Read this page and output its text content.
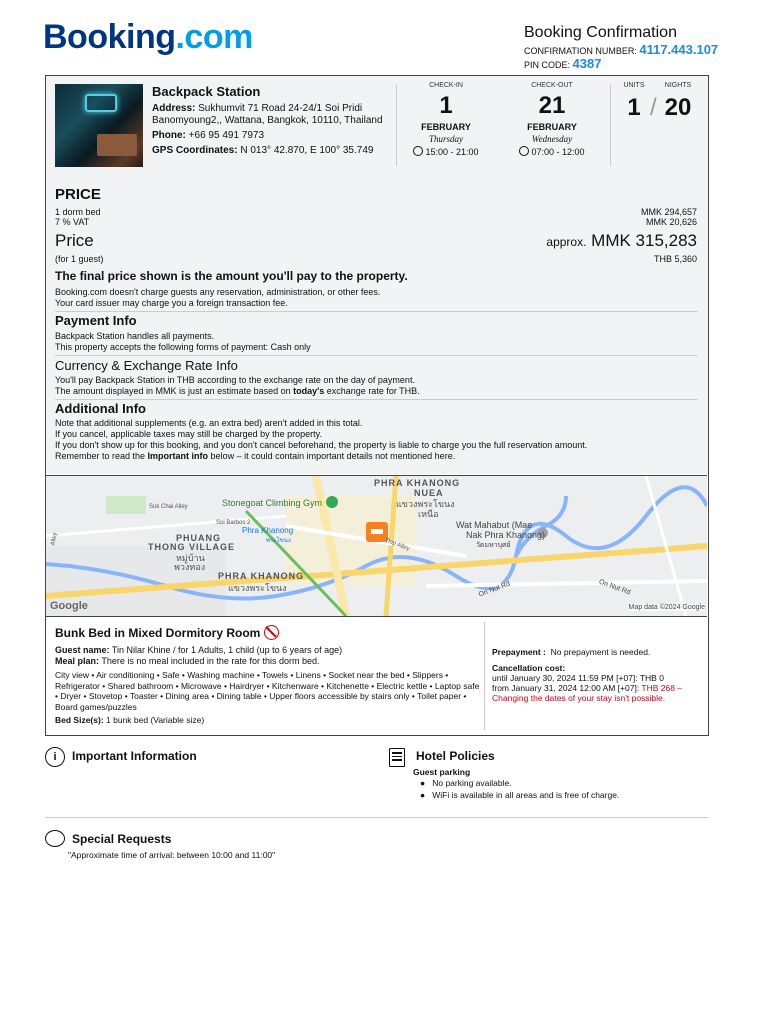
Booking.com	Booking Confirmation
CONFIRMATION NUMBER: 4117.443.107
PIN CODE: 4387
Backpack Station
Address: Sukhumvit 71 Road 24-24/1 Soi Pridi Banomyoung2,, Wattana, Bangkok, 10110, Thailand
Phone: +66 95 491 7973
GPS Coordinates: N 013° 42.870, E 100° 35.749
CHECK-IN
1
FEBRUARY
Thursday
15:00 - 21:00
CHECK-OUT
21
FEBRUARY
Wednesday
07:00 - 12:00
UNITS	NIGHTS
1 / 20
PRICE
1 dorm bed	MMK 294,657
7 % VAT	MMK 20,626
Price	approx. MMK 315,283
(for 1 guest)	THB 5,360
The final price shown is the amount you'll pay to the property.
Booking.com doesn't charge guests any reservation, administration, or other fees.
Your card issuer may charge you a foreign transaction fee.
Payment Info
Backpack Station handles all payments.
This property accepts the following forms of payment: Cash only
Currency & Exchange Rate Info
You'll pay Backpack Station in THB according to the exchange rate on the day of payment.
The amount displayed in MMK is just an estimate based on today's exchange rate for THB.
Additional Info
Note that additional supplements (e.g. an extra bed) aren't added in this total.
If you cancel, applicable taxes may still be charged by the property.
If you don't show up for this booking, and you don't cancel beforehand, the property is liable to charge you the full reservation amount.
Remember to read the Important info below – it could contain important details not mentioned here.
PHRA KHANONG
NUEA
แขวงพระโขนง
เหนือ
Stonegoat Climbing Gym
Suk Chai Alley
Soi Barbos 2
Phra Khanong
พระโขนง
PHUANG
THONG VILLAGE
หมู่บ้าน
พวงทอง
PHRA KHANONG
แขวงพระโขนง
Wat Mahabut (Mae
Nak Phra Khanong)
วัดมหาบุศย์
On Nut Rd
On Nut Rd
Alley	Thip Alley
Google	Map data ©2024 Google
Bunk Bed in Mixed Dormitory Room
Guest name: Tin Nilar Khine / for 1 Adults, 1 child (up to 6 years of age)
Meal plan: There is no meal included in the rate for this dorm bed.
City view • Air conditioning • Safe • Washing machine • Towels • Linens • Socket near the bed • Slippers • Refrigerator • Shared bathroom • Microwave • Hairdryer • Kitchenware • Kitchenette • Electric kettle • Laptop safe • Dryer • Stovetop • Toaster • Dining area • Dining table • Upper floors accessible by stairs only • Toilet paper • Board games/puzzles
Bed Size(s): 1 bunk bed (Variable size)
Prepayment : No prepayment is needed.
Cancellation cost:
until January 30, 2024 11:59 PM [+07]: THB 0
from January 31, 2024 12:00 AM [+07]: THB 268 –
Changing the dates of your stay isn't possible.
i	Important Information	Hotel Policies
Guest parking
●   No parking available.
●   WiFi is available in all areas and is free of charge.
Special Requests
"Approximate time of arrival: between 10:00 and 11:00"
